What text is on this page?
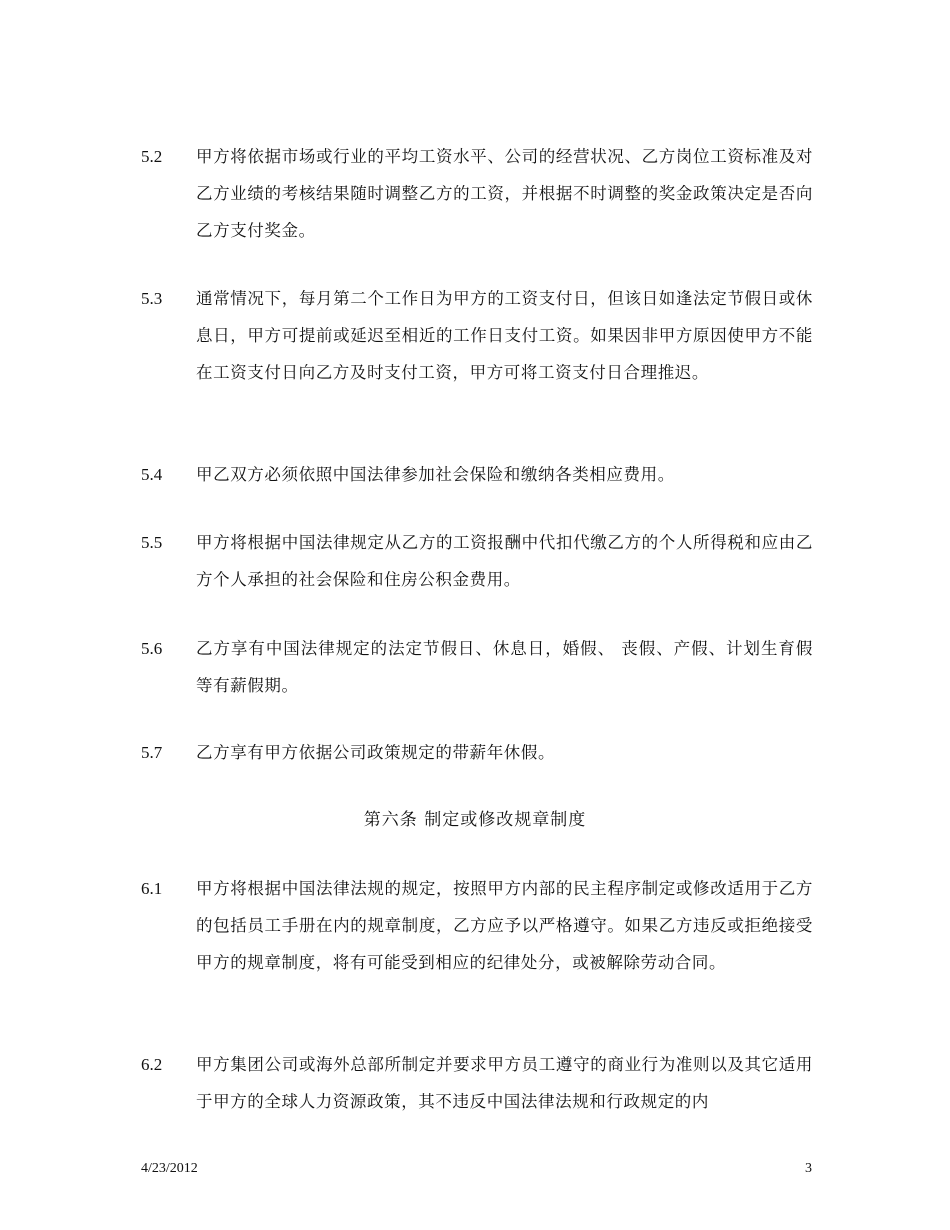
5.2	甲方将依据市场或行业的平均工资水平、公司的经营状况、乙方岗位工资标准及对乙方业绩的考核结果随时调整乙方的工资，并根据不时调整的奖金政策决定是否向乙方支付奖金。
5.3	通常情况下，每月第二个工作日为甲方的工资支付日，但该日如逢法定节假日或休息日，甲方可提前或延迟至相近的工作日支付工资。如果因非甲方原因使甲方不能在工资支付日向乙方及时支付工资，甲方可将工资支付日合理推迟。
5.4	甲乙双方必须依照中国法律参加社会保险和缴纳各类相应费用。
5.5	甲方将根据中国法律规定从乙方的工资报酬中代扣代缴乙方的个人所得税和应由乙方个人承担的社会保险和住房公积金费用。
5.6	乙方享有中国法律规定的法定节假日、休息日，婚假、 丧假、产假、计划生育假等有薪假期。
5.7	乙方享有甲方依据公司政策规定的带薪年休假。
第六条 制定或修改规章制度
6.1	甲方将根据中国法律法规的规定，按照甲方内部的民主程序制定或修改适用于乙方的包括员工手册在内的规章制度，乙方应予以严格遵守。如果乙方违反或拒绝接受甲方的规章制度，将有可能受到相应的纪律处分，或被解除劳动合同。
6.2	甲方集团公司或海外总部所制定并要求甲方员工遵守的商业行为准则以及其它适用于甲方的全球人力资源政策，其不违反中国法律法规和行政规定的内
4/23/2012	3
